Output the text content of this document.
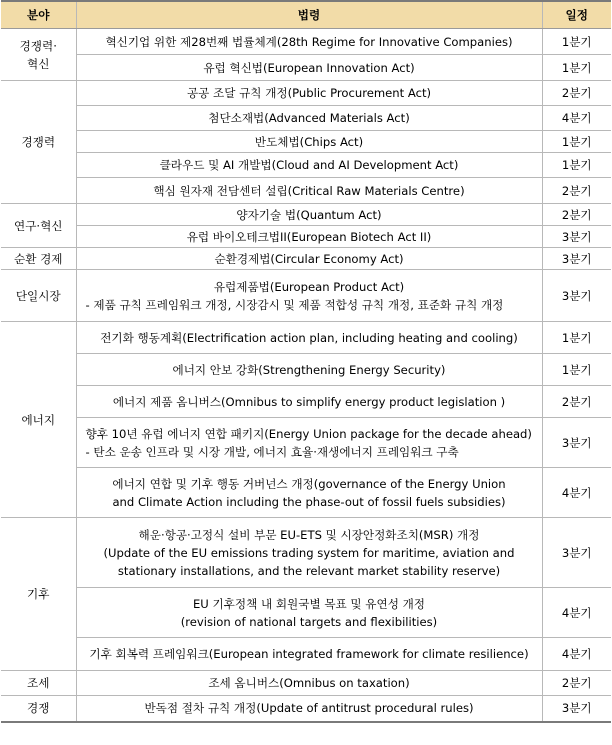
분야	법령	일정

경쟁력·
혁신	혁신기업 위한 제28번째 법률체계(28th Regime for Innovative Companies)	1분기

	유럽 혁신법(European Innovation Act)	1분기

경쟁력	공공 조달 규칙 개정(Public Procurement Act)	2분기

	첨단소재법(Advanced Materials Act)	4분기

	반도체법(Chips Act)	1분기

	클라우드 및 AI 개발법(Cloud and AI Development Act)	1분기

	핵심 원자재 전담센터 설립(Critical Raw Materials Centre)	2분기

연구·혁신	양자기술 법(Quantum Act)	2분기

	유럽 바이오테크법II(European Biotech Act II)	3분기

순환 경제	순환경제법(Circular Economy Act)	3분기

단일시장	유럽제품법(European Product Act)
- 제품 규칙 프레임워크 개정, 시장감시 및 제품 적합성 규칙 개정, 표준화 규칙 개정	3분기

에너지	전기화 행동계획(Electrification action plan, including heating and cooling)	1분기

	에너지 안보 강화(Strengthening Energy Security)	1분기

	에너지 제품 옴니버스(Omnibus to simplify energy product legislation )	2분기

	향후 10년 유럽 에너지 연합 패키지(Energy Union package for the decade ahead)
- 탄소 운송 인프라 및 시장 개발, 에너지 효율·재생에너지 프레임워크 구축	3분기

	에너지 연합 및 기후 행동 거버넌스 개정(governance of the Energy Union
and Climate Action including the phase-out of fossil fuels subsidies)	4분기

기후	해운·항공·고정식 설비 부문 EU-ETS 및 시장안정화조치(MSR) 개정
(Update of the EU emissions trading system for maritime, aviation and
stationary installations, and the relevant market stability reserve)	3분기

	EU 기후정책 내 회원국별 목표 및 유연성 개정
(revision of national targets and flexibilities)	4분기

	기후 회복력 프레임워크(European integrated framework for climate resilience)	4분기

조세	조세 옴니버스(Omnibus on taxation)	2분기

경쟁	반독점 절차 규칙 개정(Update of antitrust procedural rules)	3분기
